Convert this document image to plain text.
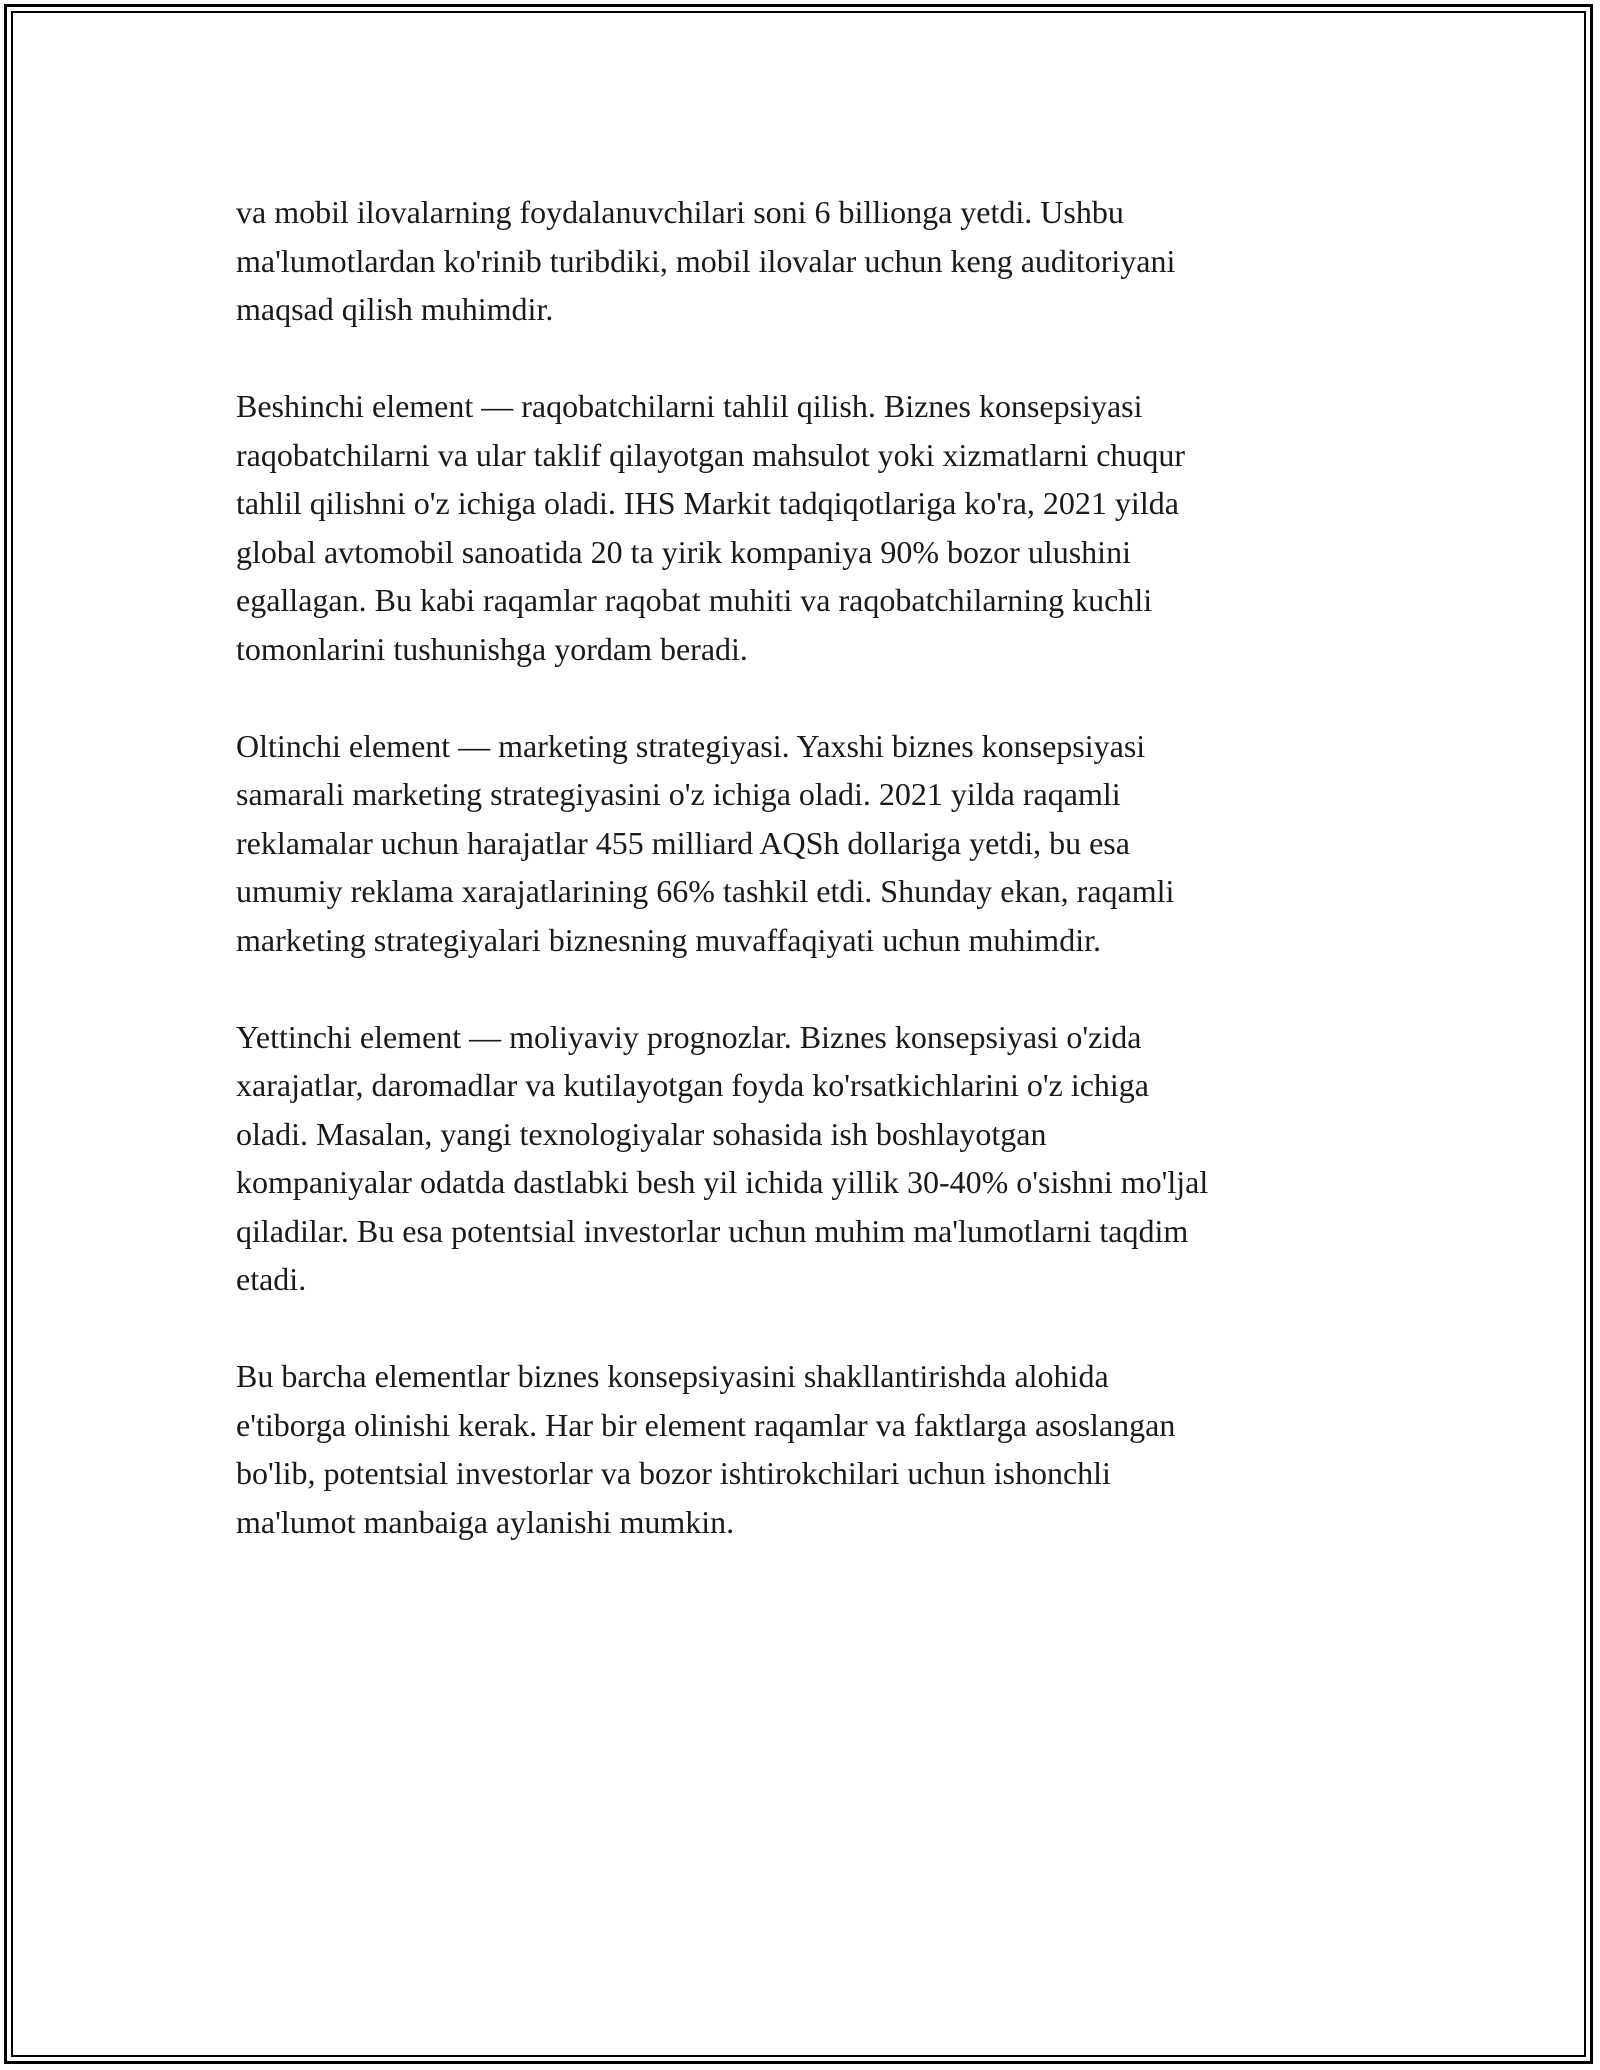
va mobil ilovalarning foydalanuvchilari soni 6 billionga yetdi. Ushbu
ma'lumotlardan ko'rinib turibdiki, mobil ilovalar uchun keng auditoriyani
maqsad qilish muhimdir.

Beshinchi element — raqobatchilarni tahlil qilish. Biznes konsepsiyasi
raqobatchilarni va ular taklif qilayotgan mahsulot yoki xizmatlarni chuqur
tahlil qilishni o'z ichiga oladi. IHS Markit tadqiqotlariga ko'ra, 2021 yilda
global avtomobil sanoatida 20 ta yirik kompaniya 90% bozor ulushini
egallagan. Bu kabi raqamlar raqobat muhiti va raqobatchilarning kuchli
tomonlarini tushunishga yordam beradi.

Oltinchi element — marketing strategiyasi. Yaxshi biznes konsepsiyasi
samarali marketing strategiyasini o'z ichiga oladi. 2021 yilda raqamli
reklamalar uchun harajatlar 455 milliard AQSh dollariga yetdi, bu esa
umumiy reklama xarajatlarining 66% tashkil etdi. Shunday ekan, raqamli
marketing strategiyalari biznesning muvaffaqiyati uchun muhimdir.

Yettinchi element — moliyaviy prognozlar. Biznes konsepsiyasi o'zida
xarajatlar, daromadlar va kutilayotgan foyda ko'rsatkichlarini o'z ichiga
oladi. Masalan, yangi texnologiyalar sohasida ish boshlayotgan
kompaniyalar odatda dastlabki besh yil ichida yillik 30-40% o'sishni mo'ljal
qiladilar. Bu esa potentsial investorlar uchun muhim ma'lumotlarni taqdim
etadi.

Bu barcha elementlar biznes konsepsiyasini shakllantirishda alohida
e'tiborga olinishi kerak. Har bir element raqamlar va faktlarga asoslangan
bo'lib, potentsial investorlar va bozor ishtirokchilari uchun ishonchli
ma'lumot manbaiga aylanishi mumkin.
